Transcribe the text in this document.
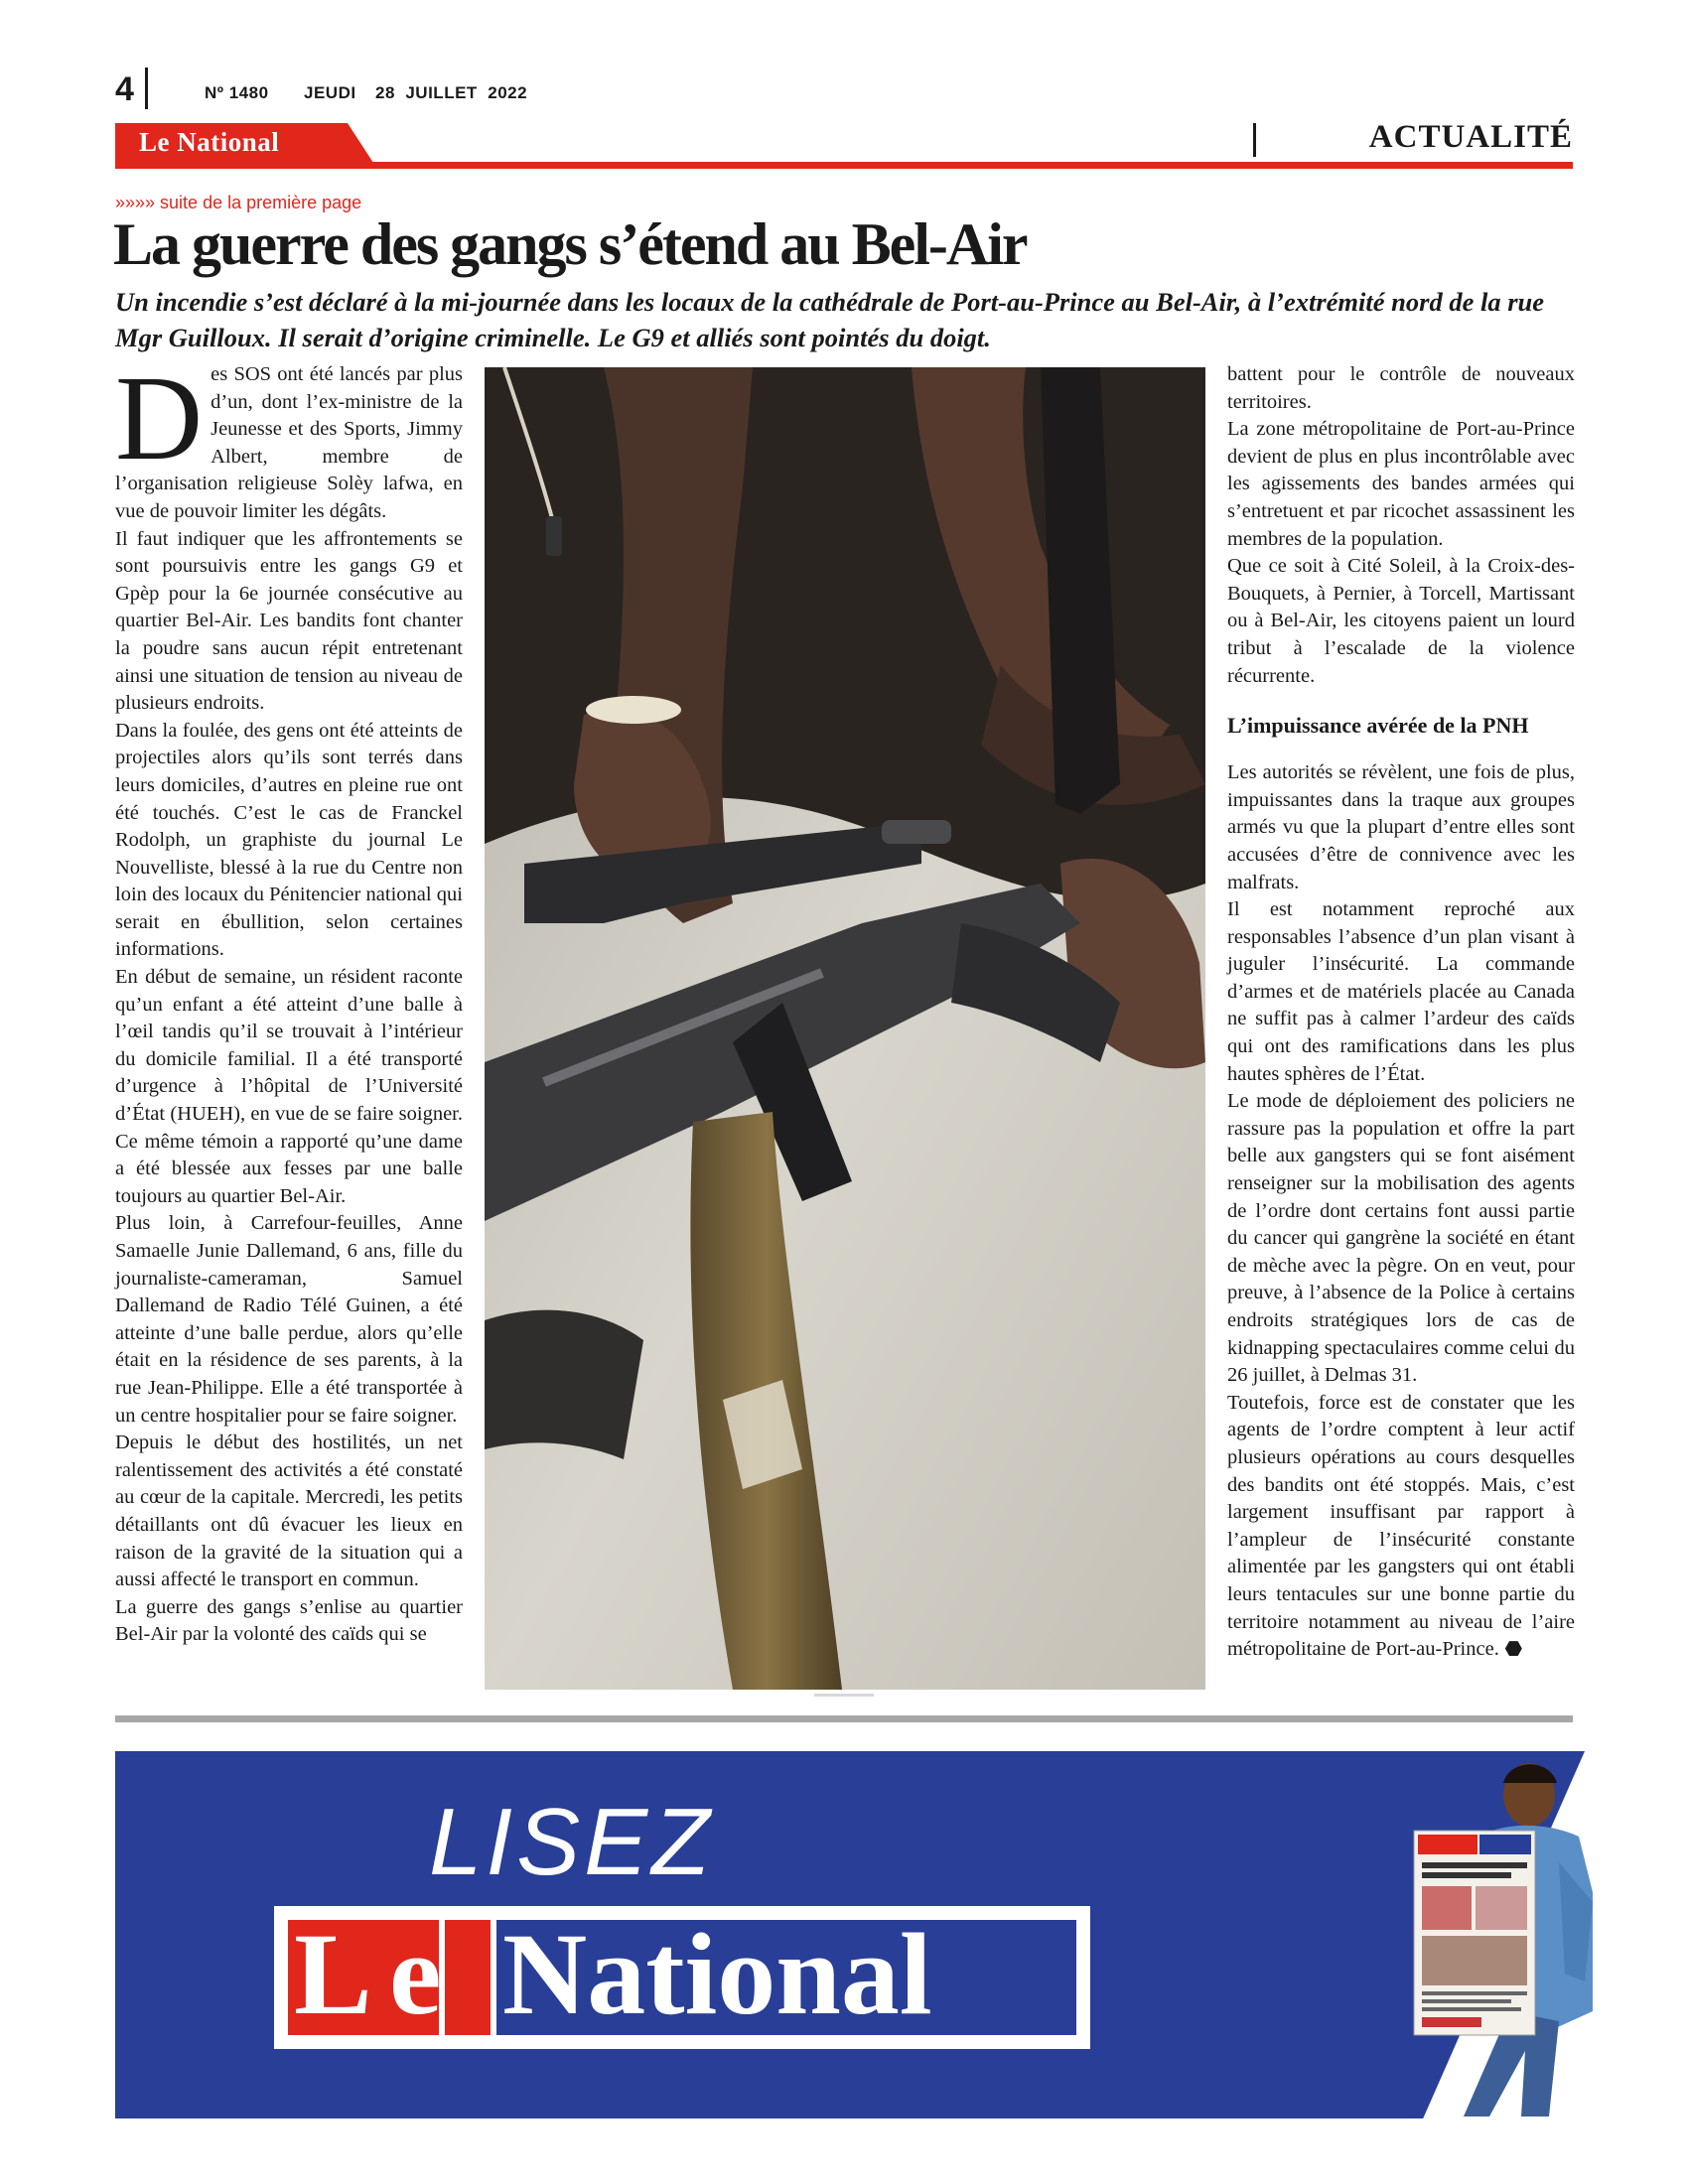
4	Nº 1480 JEUDI 28  JUILLET  2022
Le National	ACTUALITÉ
»»»» suite de la première page
La guerre des gangs s’étend au Bel-Air
Un incendie s’est déclaré à la mi-journée dans les locaux de la cathédrale de Port-au-Prince au Bel-Air, à l’extrémité nord de la rue Mgr Guilloux. Il serait d’origine criminelle. Le G9 et alliés sont pointés du doigt.
D es SOS ont été lancés par plus d’un, dont l’ex-ministre de la Jeunesse et des Sports, Jimmy Albert, membre de l’organisation religieuse Solèy lafwa, en vue de pouvoir limiter les dégâts.

Il faut indiquer que les affrontements se sont poursuivis entre les gangs G9 et Gpèp pour la 6e journée consécutive au quartier Bel-Air. Les bandits font chanter la poudre sans aucun répit entretenant ainsi une situation de tension au niveau de plusieurs endroits.

Dans la foulée, des gens ont été atteints de projectiles alors qu’ils sont terrés dans leurs domiciles, d’autres en pleine rue ont été touchés. C’est le cas de Franckel Rodolph, un graphiste du journal Le Nouvelliste, blessé à la rue du Centre non loin des locaux du Pénitencier national qui serait en ébullition, selon certaines informations.

En début de semaine, un résident raconte qu’un enfant a été atteint d’une balle à l’œil tandis qu’il se trouvait à l’intérieur du domicile familial. Il a été transporté d’urgence à l’hôpital de l’Université d’État (HUEH), en vue de se faire soigner. Ce même témoin a rapporté qu’une dame a été blessée aux fesses par une balle toujours au quartier Bel-Air.

Plus loin, à Carrefour-feuilles, Anne Samaelle Junie Dallemand, 6 ans, fille du journaliste-cameraman, Samuel Dallemand de Radio Télé Guinen, a été atteinte d’une balle perdue, alors qu’elle était en la résidence de ses parents, à la rue Jean-Philippe. Elle a été transportée à un centre hospitalier pour se faire soigner.

Depuis le début des hostilités, un net ralentissement des activités a été constaté au cœur de la capitale. Mercredi, les petits détaillants ont dû évacuer les lieux en raison de la gravité de la situation qui a aussi affecté le transport en commun.

La guerre des gangs s’enlise au quartier Bel-Air par la volonté des caïds qui se

battent pour le contrôle de nouveaux territoires.

La zone métropolitaine de Port-au-Prince devient de plus en plus incontrôlable avec les agissements des bandes armées qui s’entretuent et par ricochet assassinent les membres de la population.

Que ce soit à Cité Soleil, à la Croix-des-Bouquets, à Pernier, à Torcell, Martissant ou à Bel-Air, les citoyens paient un lourd tribut à l’escalade de la violence récurrente.

L’impuissance avérée de la PNH

Les autorités se révèlent, une fois de plus, impuissantes dans la traque aux groupes armés vu que la plupart d’entre elles sont accusées d’être de connivence avec les malfrats.

Il est notamment reproché aux responsables l’absence d’un plan visant à juguler l’insécurité. La commande d’armes et de matériels placée au Canada ne suffit pas à calmer l’ardeur des caïds qui ont des ramifications dans les plus hautes sphères de l’État.

Le mode de déploiement des policiers ne rassure pas la population et offre la part belle aux gangsters qui se font aisément renseigner sur la mobilisation des agents de l’ordre dont certains font aussi partie du cancer qui gangrène la société en étant de mèche avec la pègre. On en veut, pour preuve, à l’absence de la Police à certains endroits stratégiques lors de cas de kidnapping spectaculaires comme celui du 26 juillet, à Delmas 31.

Toutefois, force est de constater que les agents de l’ordre comptent à leur actif plusieurs opérations au cours desquelles des bandits ont été stoppés. Mais, c’est largement insuffisant par rapport à l’ampleur de l’insécurité constante alimentée par les gangsters qui ont établi leurs tentacules sur une bonne partie du territoire notamment au niveau de l’aire métropolitaine de Port-au-Prince.

LISEZ
L e National
